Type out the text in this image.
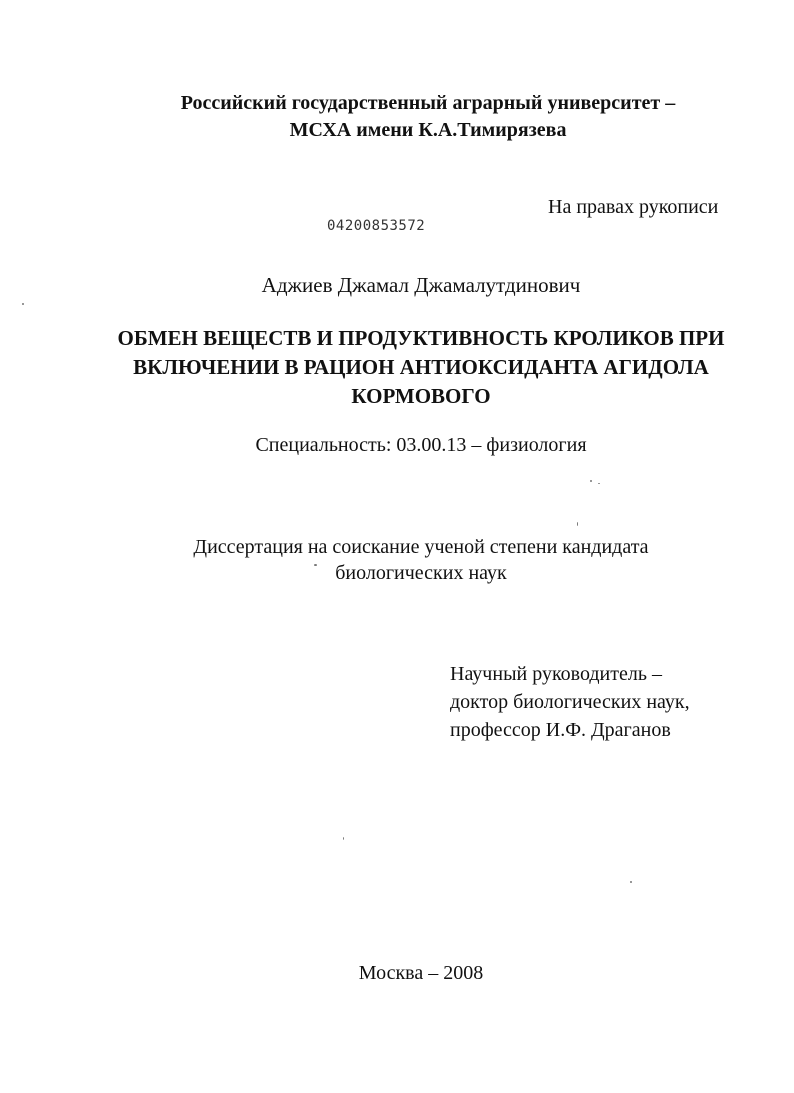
Российский государственный аграрный университет –
МСХА имени К.А.Тимирязева
На правах рукописи
04200853572
Аджиев Джамал Джамалутдинович
ОБМЕН ВЕЩЕСТВ И ПРОДУКТИВНОСТЬ КРОЛИКОВ ПРИ
ВКЛЮЧЕНИИ В РАЦИОН АНТИОКСИДАНТА АГИДОЛА
КОРМОВОГО
Специальность: 03.00.13 – физиология
Диссертация на соискание ученой степени кандидата
биологических наук
Научный руководитель –
доктор биологических наук,
профессор И.Ф. Драганов
Москва – 2008
